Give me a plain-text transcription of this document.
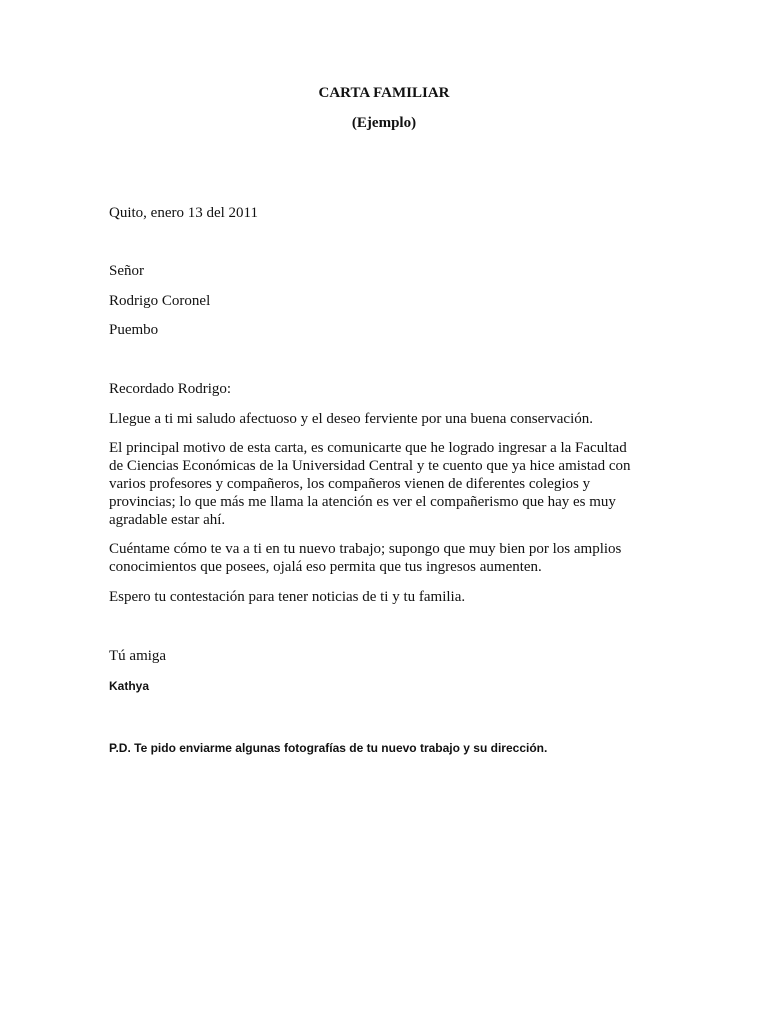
CARTA FAMILIAR
(Ejemplo)
Quito, enero 13 del 2011
Señor
Rodrigo Coronel
Puembo
Recordado Rodrigo:
Llegue a ti mi saludo afectuoso y el deseo ferviente por una buena conservación.
El principal motivo de esta carta, es comunicarte que he logrado ingresar a la Facultad
de Ciencias Económicas de la Universidad Central y te cuento que ya hice amistad con
varios profesores y compañeros, los compañeros vienen de diferentes colegios y
provincias; lo que más me llama la atención es ver el compañerismo que hay es muy
agradable estar ahí.
Cuéntame cómo te va a ti en tu nuevo trabajo; supongo que muy bien por los amplios
conocimientos que posees, ojalá eso permita que tus ingresos aumenten.
Espero tu contestación para tener noticias de ti y tu familia.
Tú amiga
Kathya
P.D. Te pido enviarme algunas fotografías de tu nuevo trabajo y su dirección.
